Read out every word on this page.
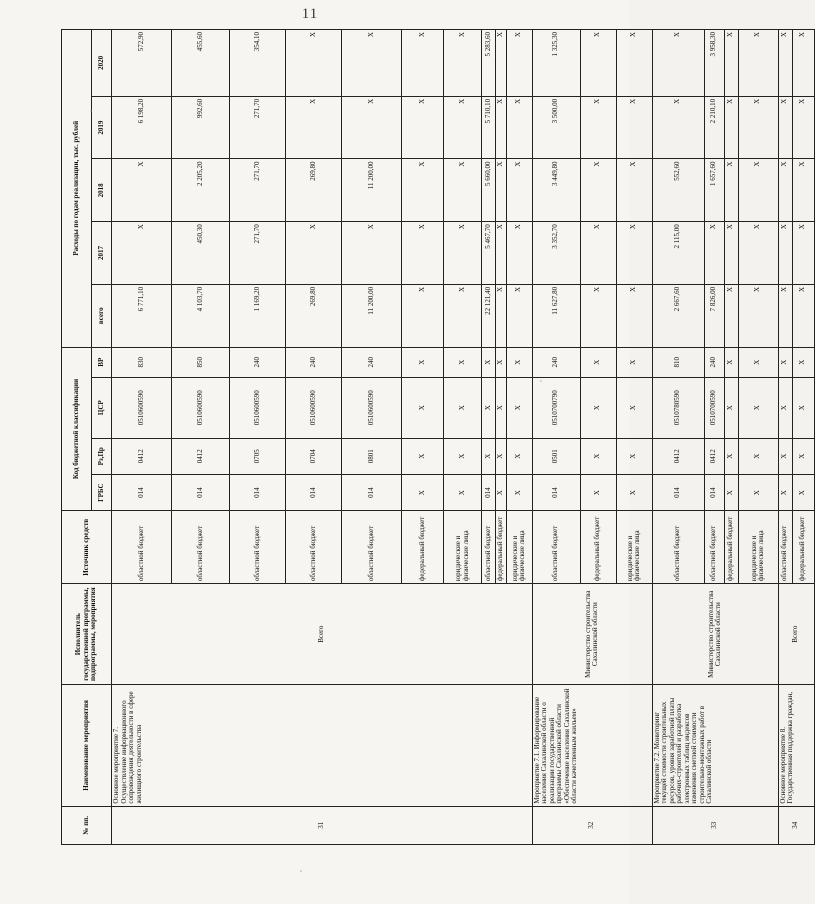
11
№ пп.	Наименование мероприятия	Исполнитель государственной программы, подпрограммы, мероприятия	Источник средств	Код бюджетной классификации				Расходы по годам реализации, тыс. рублей				
				ГРБС	Рз,Пр	ЦСР	ВР	всего	2017	2018	2019	2020
31	Основное мероприятие 7. Осуществление информационного сопровождения деятельности в сфере жилищного строительства	Всего	областной бюджет	014	0412	0510600590	830	6 771,10	X	X	6 198,20	572,90
			областной бюджет	014	0412	0510600590	850	4 103,70	450,30	2 205,20	992,60	455,60
			областной бюджет	014	0705	0510600590	240	1 169,20	271,70	271,70	271,70	354,10
			областной бюджет	014	0704	0510600590	240	269,80	X	269,80	X	X
			областной бюджет	014	0801	0510600590	240	11 200,00	X	11 200,00	X	X
			федеральный бюджет	X	X	X	X	X	X	X	X	X
			юридические и физические лица	X	X	X	X	X	X	X	X	X
			областной бюджет	014	X	X	X	22 121,40	5 467,70	5 660,00	5 710,10	5 283,60
			федеральный бюджет	X	X	X	X	X	X	X	X	X
			юридические и физические лица	X	X	X	X	X	X	X	X	X
32	Мероприятие 7.1. Информирование населения Сахалинской области о реализации государственной программы Сахалинской области «Обеспечение населения Сахалинской области качественным жильем»	Министерство строительства Сахалинской области	областной бюджет	014	0501	0510700790	240	11 627,80	3 352,70	3 449,80	3 500,00	1 325,30
			федеральный бюджет	X	X	X	X	X	X	X	X	X
			юридические и физические лица	X	X	X	X	X	X	X	X	X
33	Мероприятие 7.2. Мониторинг текущей стоимости строительных ресурсов, уровня заработной платы рабочих-строителей и разработка электронных таблиц индексов изменения сметной стоимости строительно-монтажных работ в Сахалинской области	Министерство строительства Сахалинской области	областной бюджет	014	0412	0510780590	810	2 667,60	2 115,00	552,60	X	X
			областной бюджет	014	0412	0510700590	240	7 826,00	X	1 657,60	2 210,10	3 958,30
			федеральный бюджет	X	X	X	X	X	X	X	X	X
			юридические и физические лица	X	X	X	X	X	X	X	X	X
34	Основное мероприятие 8. Государственная поддержка граждан,	Всего	областной бюджет	X	X	X	X	X	X	X	X	X
			федеральный бюджет	X	X	X	X	X	X	X	X	X
